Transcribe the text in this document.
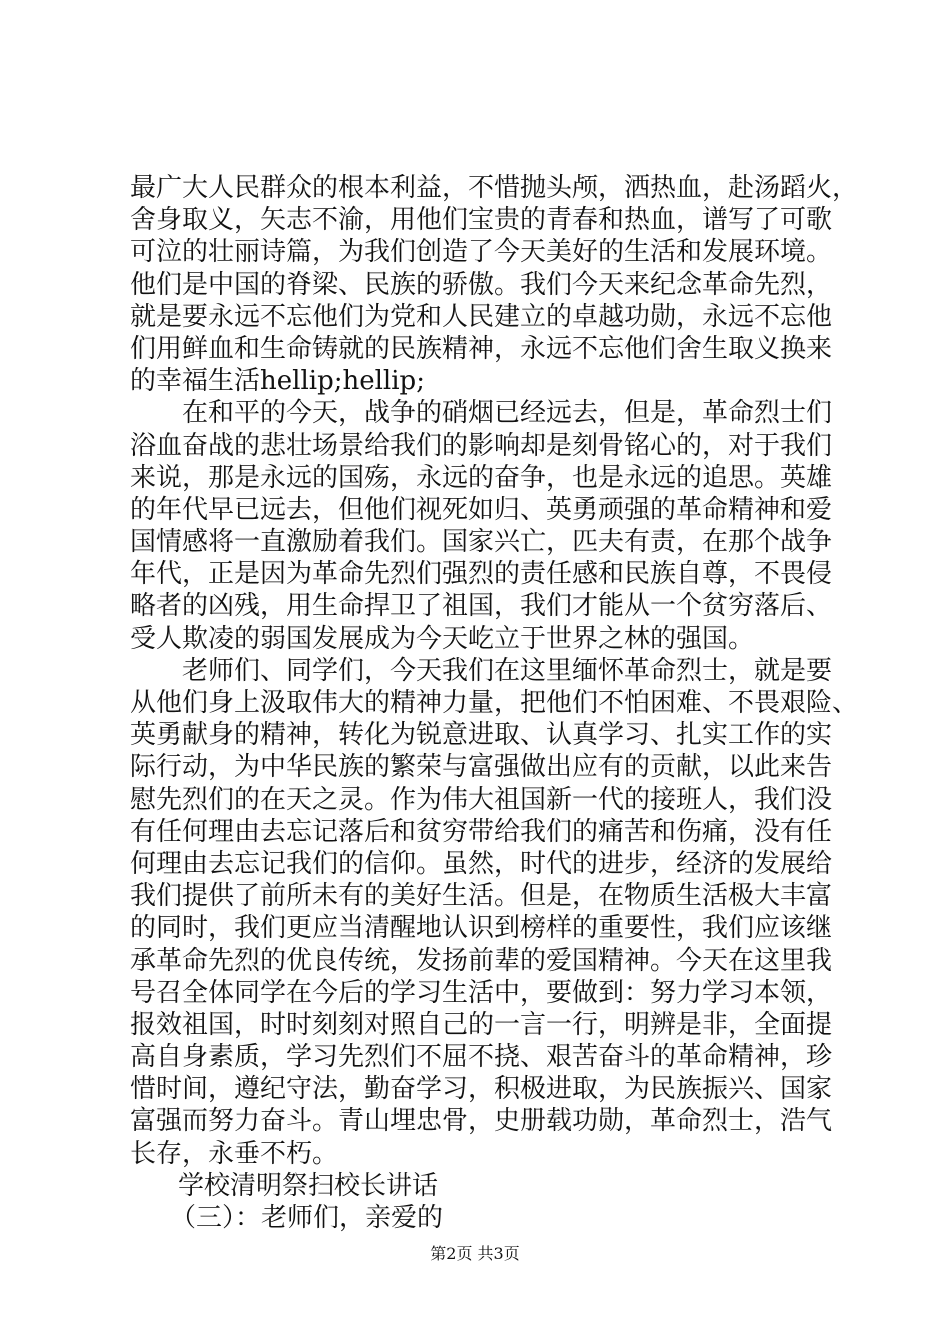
最广大人民群众的根本利益，不惜抛头颅，洒热血，赴汤蹈火，
舍身取义，矢志不渝，用他们宝贵的青春和热血，谱写了可歌
可泣的壮丽诗篇，为我们创造了今天美好的生活和发展环境。
他们是中国的脊梁、民族的骄傲。我们今天来纪念革命先烈，
就是要永远不忘他们为党和人民建立的卓越功勋，永远不忘他
们用鲜血和生命铸就的民族精神，永远不忘他们舍生取义换来
的幸福生活hellip;hellip;
在和平的今天，战争的硝烟已经远去，但是，革命烈士们
浴血奋战的悲壮场景给我们的影响却是刻骨铭心的，对于我们
来说，那是永远的国殇，永远的奋争，也是永远的追思。英雄
的年代早已远去，但他们视死如归、英勇顽强的革命精神和爱
国情感将一直激励着我们。国家兴亡，匹夫有责，在那个战争
年代，正是因为革命先烈们强烈的责任感和民族自尊，不畏侵
略者的凶残，用生命捍卫了祖国，我们才能从一个贫穷落后、
受人欺凌的弱国发展成为今天屹立于世界之林的强国。
老师们、同学们，今天我们在这里缅怀革命烈士，就是要
从他们身上汲取伟大的精神力量，把他们不怕困难、不畏艰险、
英勇献身的精神，转化为锐意进取、认真学习、扎实工作的实
际行动，为中华民族的繁荣与富强做出应有的贡献，以此来告
慰先烈们的在天之灵。作为伟大祖国新一代的接班人，我们没
有任何理由去忘记落后和贫穷带给我们的痛苦和伤痛，没有任
何理由去忘记我们的信仰。虽然，时代的进步，经济的发展给
我们提供了前所未有的美好生活。但是，在物质生活极大丰富
的同时，我们更应当清醒地认识到榜样的重要性，我们应该继
承革命先烈的优良传统，发扬前辈的爱国精神。今天在这里我
号召全体同学在今后的学习生活中，要做到：努力学习本领，
报效祖国，时时刻刻对照自己的一言一行，明辨是非，全面提
高自身素质，学习先烈们不屈不挠、艰苦奋斗的革命精神，珍
惜时间，遵纪守法，勤奋学习，积极进取，为民族振兴、国家
富强而努力奋斗。青山埋忠骨，史册载功勋，革命烈士，浩气
长存，永垂不朽。
学校清明祭扫校长讲话
（三）：老师们，亲爱的
第2页 共3页
